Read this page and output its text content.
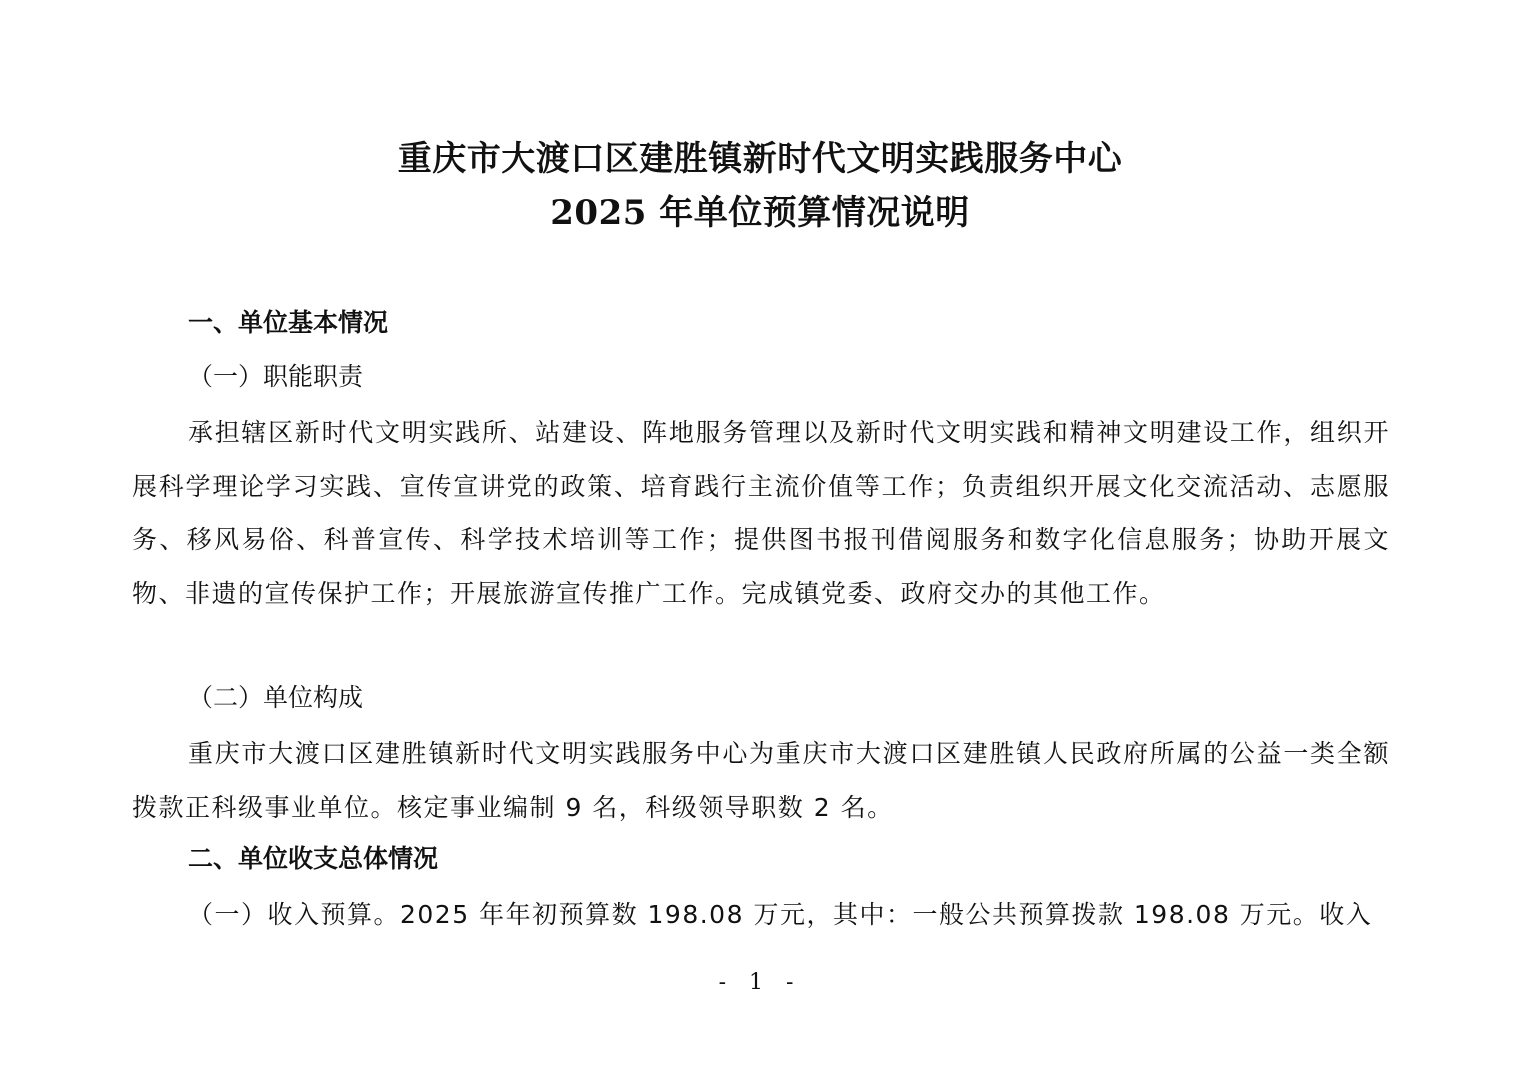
重庆市大渡口区建胜镇新时代文明实践服务中心
2025 年单位预算情况说明
一、单位基本情况
（一）职能职责
承担辖区新时代文明实践所、站建设、阵地服务管理以及新时代文明实践和精神文明建设工作，组织开展科学理论学习实践、宣传宣讲党的政策、培育践行主流价值等工作；负责组织开展文化交流活动、志愿服务、移风易俗、科普宣传、科学技术培训等工作；提供图书报刊借阅服务和数字化信息服务；协助开展文物、非遗的宣传保护工作；开展旅游宣传推广工作。完成镇党委、政府交办的其他工作。
（二）单位构成
重庆市大渡口区建胜镇新时代文明实践服务中心为重庆市大渡口区建胜镇人民政府所属的公益一类全额拨款正科级事业单位。核定事业编制 9 名，科级领导职数 2 名。
二、单位收支总体情况
（一）收入预算。2025 年年初预算数 198.08 万元，其中：一般公共预算拨款 198.08 万元。收入
- 1 -
